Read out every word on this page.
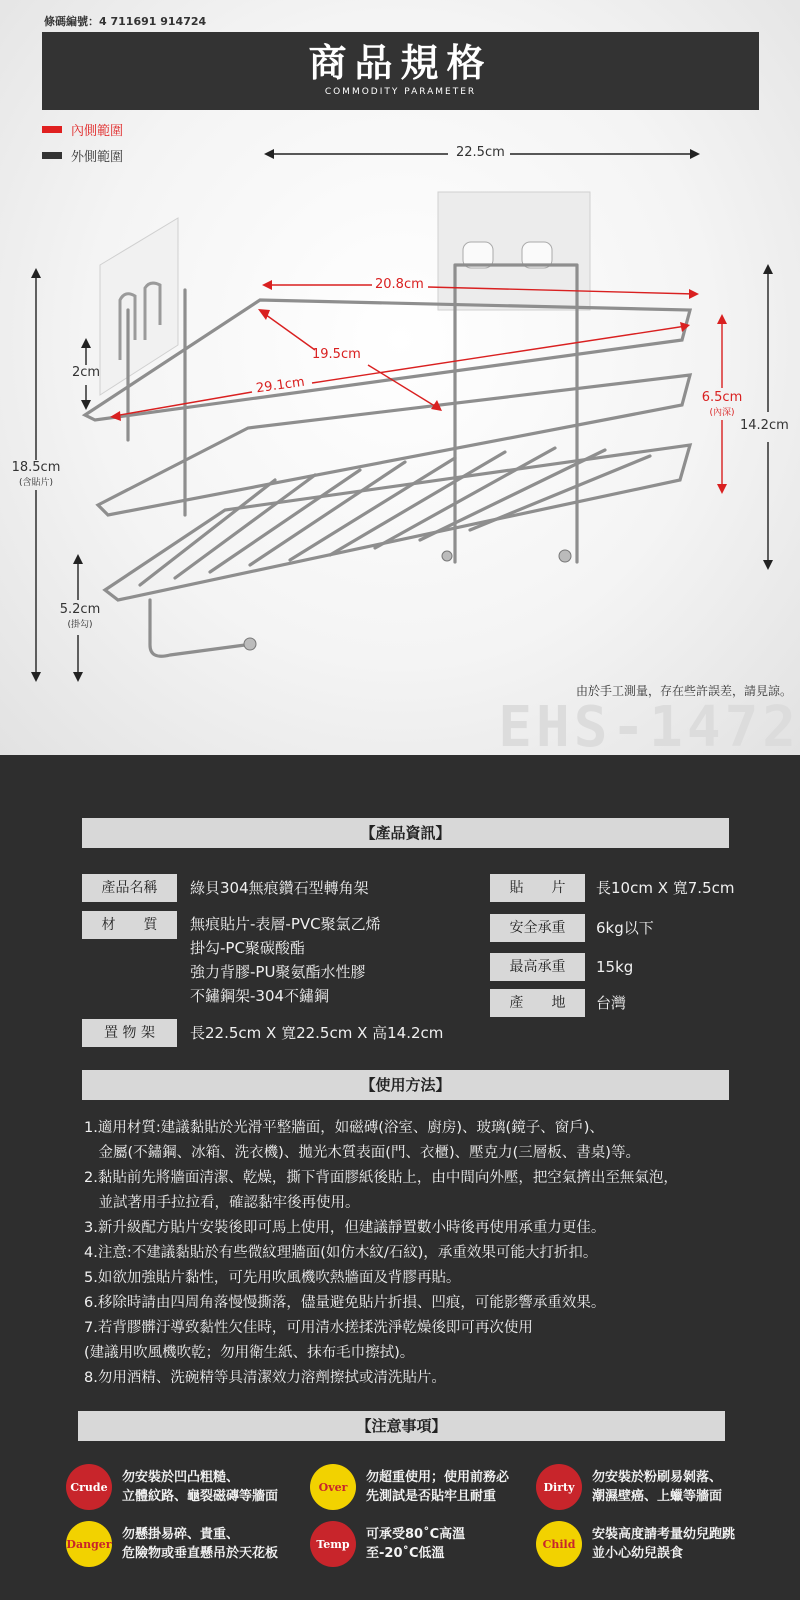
條碼編號：4 711691 914724
商品規格
COMMODITY PARAMETER
內側範圍
外側範圍	22.5cm
20.8cm
19.5cm
29.1cm
2cm
18.5cm
(含貼片)
5.2cm
(掛勾)
6.5cm
(內深)
14.2cm
由於手工測量，存在些許誤差，請見諒。
EHS-1472
【產品資訊】
產品名稱	綠貝304無痕鑽石型轉角架
材　　質	無痕貼片-表層-PVC聚氯乙烯
掛勾-PC聚碳酸酯
強力背膠-PU聚氨酯水性膠
不鏽鋼架-304不鏽鋼
置 物 架	長22.5cm X 寬22.5cm X 高14.2cm
貼　　片	長10cm X 寬7.5cm
安全承重	6kg以下
最高承重	15kg
產　　地	台灣
【使用方法】
1.適用材質:建議黏貼於光滑平整牆面，如磁磚(浴室、廚房)、玻璃(鏡子、窗戶)、
　金屬(不鏽鋼、冰箱、洗衣機)、拋光木質表面(門、衣櫃)、壓克力(三層板、書桌)等。
2.黏貼前先將牆面清潔、乾燥，撕下背面膠紙後貼上，由中間向外壓，把空氣擠出至無氣泡，
　並試著用手拉拉看，確認黏牢後再使用。
3.新升級配方貼片安裝後即可馬上使用，但建議靜置數小時後再使用承重力更佳。
4.注意:不建議黏貼於有些微紋理牆面(如仿木紋/石紋)，承重效果可能大打折扣。
5.如欲加強貼片黏性，可先用吹風機吹熱牆面及背膠再貼。
6.移除時請由四周角落慢慢撕落，儘量避免貼片折損、凹痕，可能影響承重效果。
7.若背膠髒汙導致黏性欠佳時，可用清水搓揉洗淨乾燥後即可再次使用
(建議用吹風機吹乾；勿用衛生紙、抹布毛巾擦拭)。
8.勿用酒精、洗碗精等具清潔效力溶劑擦拭或清洗貼片。
【注意事項】
Crude
勿安裝於凹凸粗糙、
立體紋路、龜裂磁磚等牆面
Over
勿超重使用；使用前務必
先測試是否貼牢且耐重
Dirty
勿安裝於粉刷易剝落、
潮濕壁癌、上蠟等牆面
Danger
勿懸掛易碎、貴重、
危險物或垂直懸吊於天花板
Temp
可承受80˚C高溫
至-20˚C低溫
Child
安裝高度請考量幼兒跑跳
並小心幼兒誤食
